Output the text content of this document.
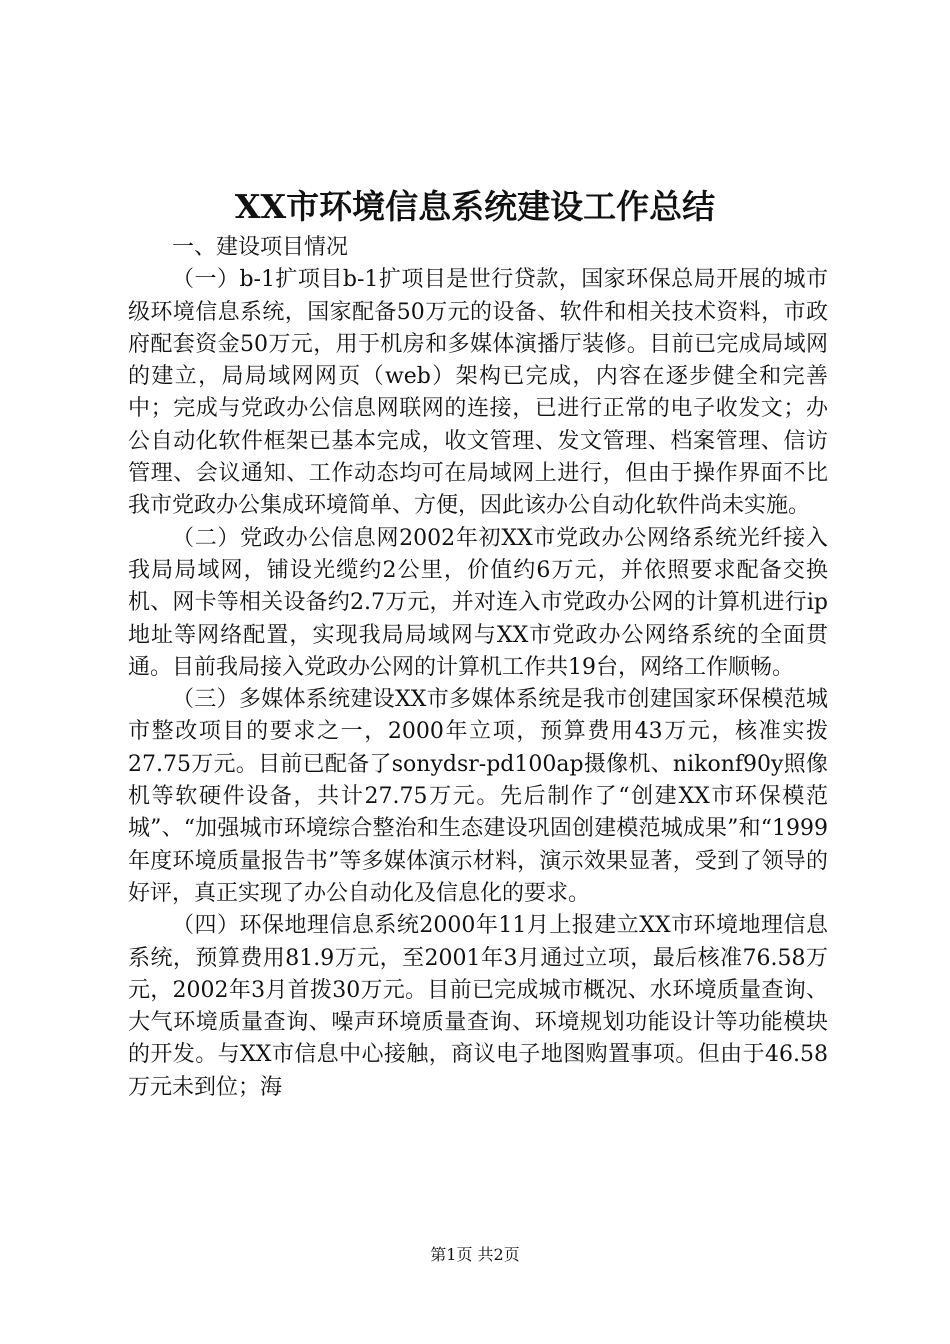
XX市环境信息系统建设工作总结

一、建设项目情况

（一）b-1扩项目b-1扩项目是世行贷款，国家环保总局开展的城市级环境信息系统，国家配备50万元的设备、软件和相关技术资料，市政府配套资金50万元，用于机房和多媒体演播厅装修。目前已完成局域网的建立，局局域网网页（web）架构已完成，内容在逐步健全和完善中；完成与党政办公信息网联网的连接，已进行正常的电子收发文；办公自动化软件框架已基本完成，收文管理、发文管理、档案管理、信访管理、会议通知、工作动态均可在局域网上进行，但由于操作界面不比我市党政办公集成环境简单、方便，因此该办公自动化软件尚未实施。

（二）党政办公信息网2002年初XX市党政办公网络系统光纤接入我局局域网，铺设光缆约2公里，价值约6万元，并依照要求配备交换机、网卡等相关设备约2.7万元，并对连入市党政办公网的计算机进行ip地址等网络配置，实现我局局域网与XX市党政办公网络系统的全面贯通。目前我局接入党政办公网的计算机工作共19台，网络工作顺畅。

（三）多媒体系统建设XX市多媒体系统是我市创建国家环保模范城市整改项目的要求之一，2000年立项，预算费用43万元，核准实拨27.75万元。目前已配备了sonydsr-pd100ap摄像机、nikonf90y照像机等软硬件设备，共计27.75万元。先后制作了“创建XX市环保模范城”、“加强城市环境综合整治和生态建设巩固创建模范城成果”和“1999年度环境质量报告书”等多媒体演示材料，演示效果显著，受到了领导的好评，真正实现了办公自动化及信息化的要求。

（四）环保地理信息系统2000年11月上报建立XX市环境地理信息系统，预算费用81.9万元，至2001年3月通过立项，最后核准76.58万元，2002年3月首拨30万元。目前已完成城市概况、水环境质量查询、大气环境质量查询、噪声环境质量查询、环境规划功能设计等功能模块的开发。与XX市信息中心接触，商议电子地图购置事项。但由于46.58万元未到位；海

第1页 共2页
